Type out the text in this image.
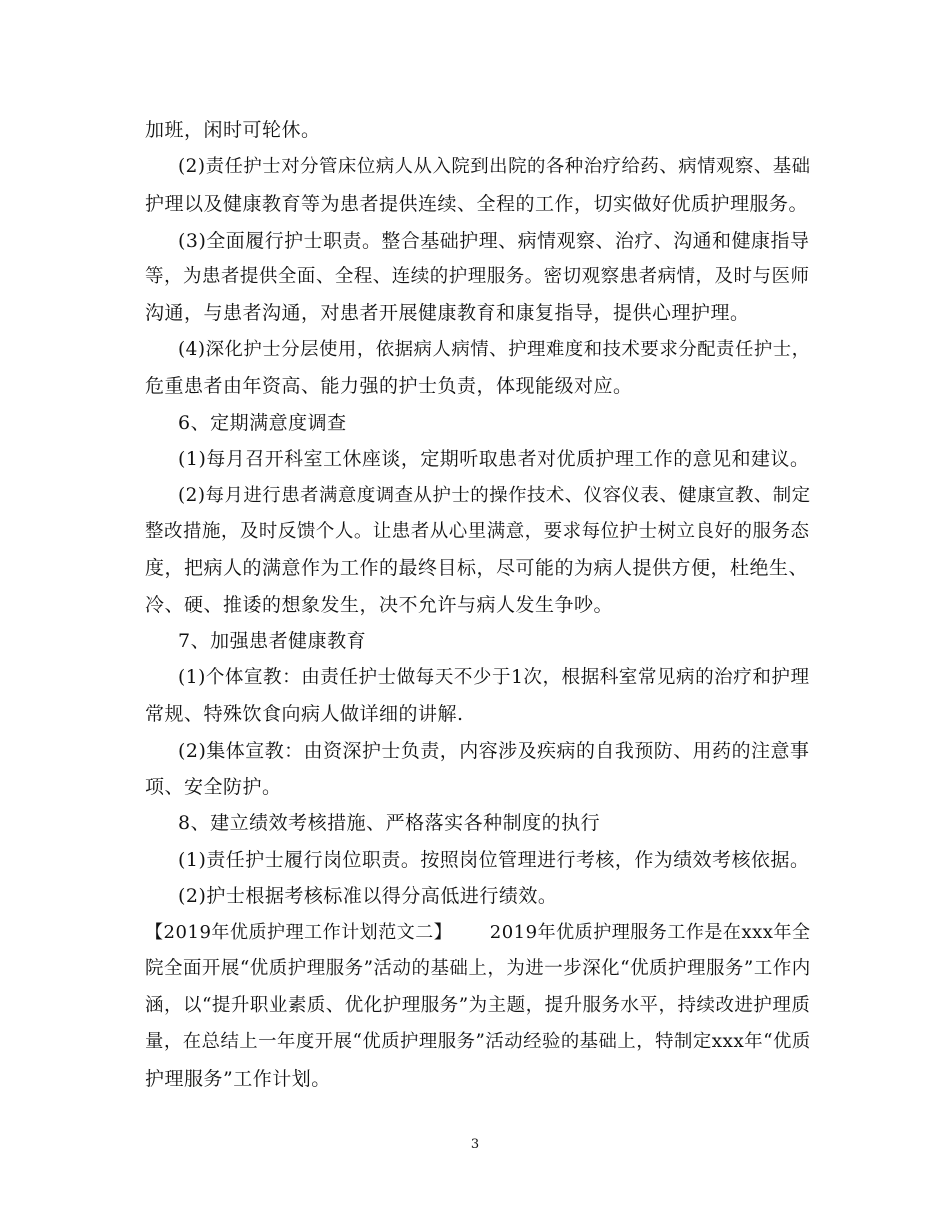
加班，闲时可轮休。
(2)责任护士对分管床位病人从入院到出院的各种治疗给药、病情观察、基础
护理以及健康教育等为患者提供连续、全程的工作，切实做好优质护理服务。
(3)全面履行护士职责。整合基础护理、病情观察、治疗、沟通和健康指导
等，为患者提供全面、全程、连续的护理服务。密切观察患者病情，及时与医师
沟通，与患者沟通，对患者开展健康教育和康复指导，提供心理护理。
(4)深化护士分层使用，依据病人病情、护理难度和技术要求分配责任护士，
危重患者由年资高、能力强的护士负责，体现能级对应。
6、定期满意度调查
(1)每月召开科室工休座谈，定期听取患者对优质护理工作的意见和建议。
(2)每月进行患者满意度调查从护士的操作技术、仪容仪表、健康宣教、制定
整改措施，及时反馈个人。让患者从心里满意，要求每位护士树立良好的服务态
度，把病人的满意作为工作的最终目标，尽可能的为病人提供方便，杜绝生、
冷、硬、推诿的想象发生，决不允许与病人发生争吵。
7、加强患者健康教育
(1)个体宣教：由责任护士做每天不少于1次，根据科室常见病的治疗和护理
常规、特殊饮食向病人做详细的讲解.
(2)集体宣教：由资深护士负责，内容涉及疾病的自我预防、用药的注意事
项、安全防护。
8、建立绩效考核措施、严格落实各种制度的执行
(1)责任护士履行岗位职责。按照岗位管理进行考核，作为绩效考核依据。
(2)护士根据考核标准以得分高低进行绩效。
【2019年优质护理工作计划范文二】      2019年优质护理服务工作是在xxx年全
院全面开展“优质护理服务”活动的基础上，为进一步深化“优质护理服务”工作内
涵，以“提升职业素质、优化护理服务”为主题，提升服务水平，持续改进护理质
量，在总结上一年度开展“优质护理服务”活动经验的基础上，特制定xxx年“优质
护理服务”工作计划。
3
